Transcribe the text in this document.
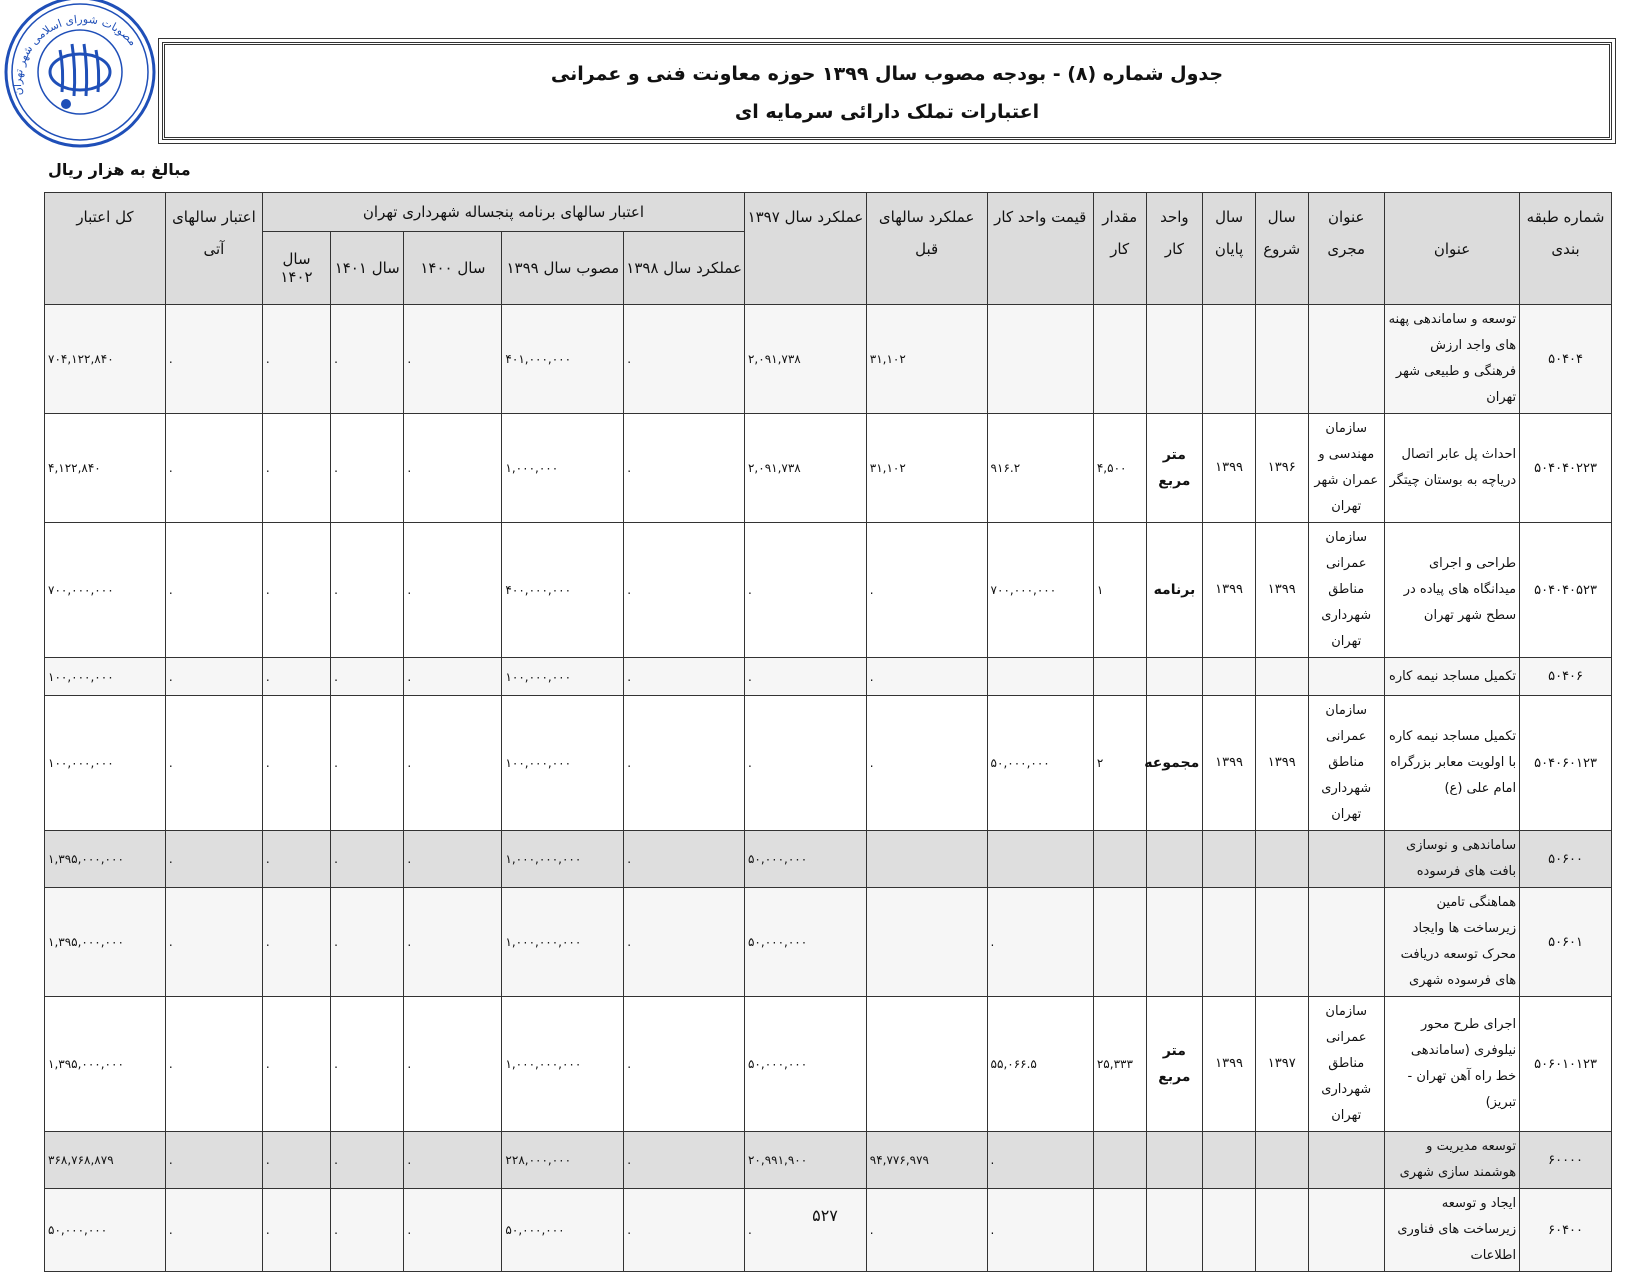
مصوبات شورای اسلامی شهر تهران
جدول شماره (۸) - بودجه مصوب سال ۱۳۹۹ حوزه معاونت فنی و عمرانی
اعتبارات تملک دارائی سرمایه ای
مبالغ به هزار ریال
شماره طبقه بندی	عنوان	عنوان مجری	سال شروع	سال پایان	واحد کار	مقدار کار	قیمت واحد کار	عملکرد سالهای قبل	عملکرد سال ۱۳۹۷	اعتبار سالهای برنامه پنجساله شهرداری تهران					اعتبار سالهای آتی	کل اعتبار
										عملکرد سال ۱۳۹۸	مصوب سال ۱۳۹۹	سال ۱۴۰۰	سال ۱۴۰۱	سال ۱۴۰۲		
۵۰۴۰۴	توسعه و ساماندهی پهنه های واجد ارزش فرهنگی و طبیعی شهر تهران							۳۱,۱۰۲	۲,۰۹۱,۷۳۸	.	۴۰۱,۰۰۰,۰۰۰	.	.	.	.	۷۰۴,۱۲۲,۸۴۰
۵۰۴۰۴۰۲۲۳	احداث پل عابر اتصال دریاچه به بوستان چیتگر	سازمان مهندسی و عمران شهر تهران	۱۳۹۶	۱۳۹۹	متر مربع	۴,۵۰۰	۹۱۶.۲	۳۱,۱۰۲	۲,۰۹۱,۷۳۸	.	۱,۰۰۰,۰۰۰	.	.	.	.	۴,۱۲۲,۸۴۰
۵۰۴۰۴۰۵۲۳	طراحی و اجرای میدانگاه های پیاده در سطح شهر تهران	سازمان عمرانی مناطق شهرداری تهران	۱۳۹۹	۱۳۹۹	برنامه	۱	۷۰۰,۰۰۰,۰۰۰	.	.	.	۴۰۰,۰۰۰,۰۰۰	.	.	.	.	۷۰۰,۰۰۰,۰۰۰
۵۰۴۰۶	تکمیل مساجد نیمه کاره							.	.	.	۱۰۰,۰۰۰,۰۰۰	.	.	.	.	۱۰۰,۰۰۰,۰۰۰
۵۰۴۰۶۰۱۲۳	تکمیل مساجد نیمه کاره با اولویت معابر بزرگراه امام علی (ع)	سازمان عمرانی مناطق شهرداری تهران	۱۳۹۹	۱۳۹۹	مجموعه	۲	۵۰,۰۰۰,۰۰۰	.	.	.	۱۰۰,۰۰۰,۰۰۰	.	.	.	.	۱۰۰,۰۰۰,۰۰۰
۵۰۶۰۰	ساماندهی و نوسازی بافت های فرسوده								۵۰,۰۰۰,۰۰۰	.	۱,۰۰۰,۰۰۰,۰۰۰	.	.	.	.	۱,۳۹۵,۰۰۰,۰۰۰
۵۰۶۰۱	هماهنگی تامین زیرساخت ها وایجاد محرک توسعه دریافت های فرسوده شهری						.		۵۰,۰۰۰,۰۰۰	.	۱,۰۰۰,۰۰۰,۰۰۰	.	.	.	.	۱,۳۹۵,۰۰۰,۰۰۰
۵۰۶۰۱۰۱۲۳	اجرای طرح محور نیلوفری (ساماندهی خط راه آهن تهران - تبریز)	سازمان عمرانی مناطق شهرداری تهران	۱۳۹۷	۱۳۹۹	متر مربع	۲۵,۳۳۳	۵۵,۰۶۶.۵		۵۰,۰۰۰,۰۰۰	.	۱,۰۰۰,۰۰۰,۰۰۰	.	.	.	.	۱,۳۹۵,۰۰۰,۰۰۰
۶۰۰۰۰	توسعه مدیریت و هوشمند سازی شهری						.	۹۴,۷۷۶,۹۷۹	۲۰,۹۹۱,۹۰۰	.	۲۲۸,۰۰۰,۰۰۰	.	.	.	.	۳۶۸,۷۶۸,۸۷۹
۶۰۴۰۰	ایجاد و توسعه زیرساخت های فناوری اطلاعات						.	.	.	.	۵۰,۰۰۰,۰۰۰	.	.	.	.	۵۰,۰۰۰,۰۰۰
۵۲۷
